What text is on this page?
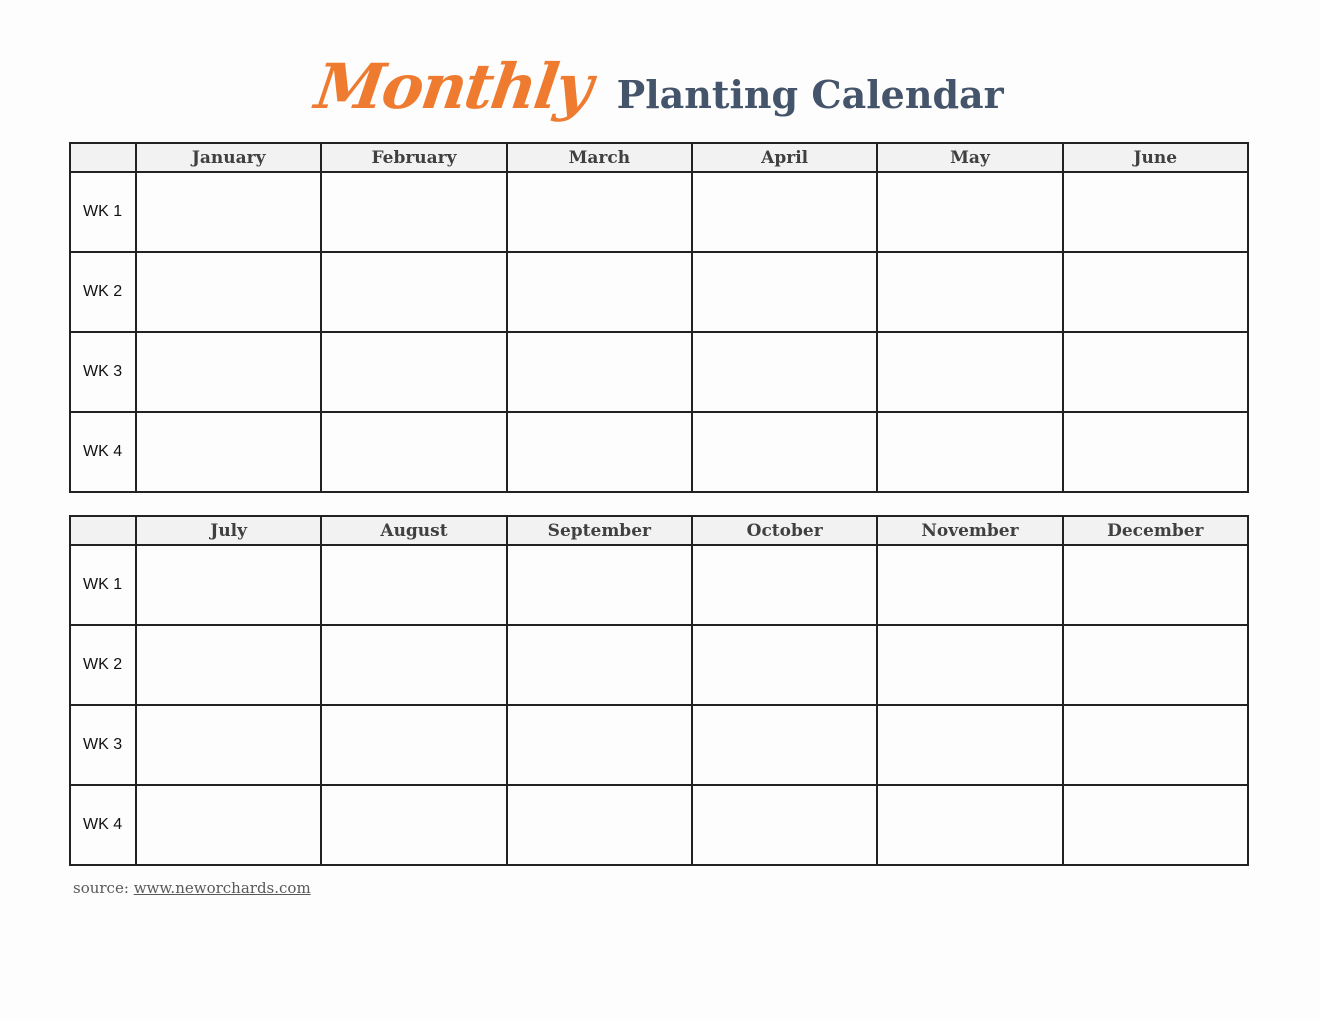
Monthly Planting Calendar
	January	February	March	April	May	June
WK 1						
WK 2						
WK 3						
WK 4						
	July	August	September	October	November	December
WK 1						
WK 2						
WK 3						
WK 4						
source: www.neworchards.com
